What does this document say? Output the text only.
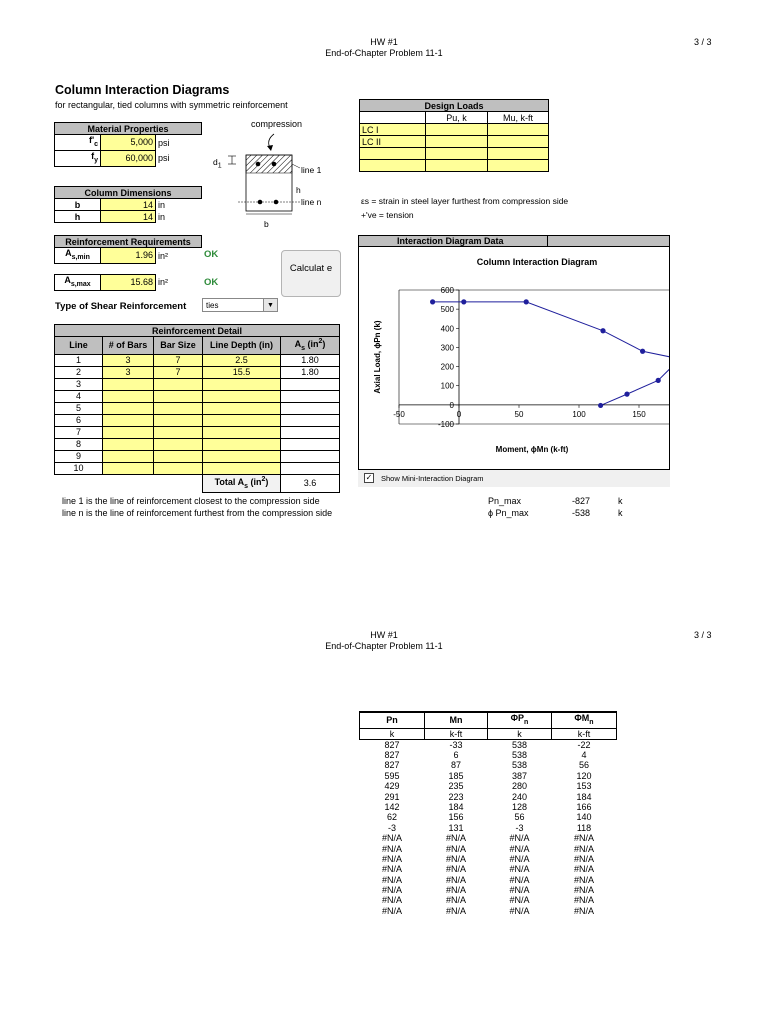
HW #1
End-of-Chapter Problem 11-1
3 / 3
Column Interaction Diagrams
for rectangular, tied columns with symmetric reinforcement
Material Properties		
$f'_c$	5,000	psi
$f_y$	60,000	psi
Column Dimensions		
b	14	in
h	14	in
Reinforcement Requirements
$A_{s,min}$	1.96	in²	OK
$A_{s,max}$	15.68	in²	OK
Calculat e
Type of Shear Reinforcement	ties	▼
compression
$d_1$	line 1
h
line n
b
Design Loads		
	Pu, k	Mu, k-ft
LC I		
LC II		

εs = strain in steel layer furthest from compression side
+'ve = tension
Reinforcement Detail				
Line	# of Bars	Bar Size	Line Depth (in)	$A_s$ $(in^2)$
1	3	7	2.5	1.80
2	3	7	15.5	1.80
3				
4				
5				
6				
7				
8				
9				
10				
			Total $A_s$ $(in^2)$	3.6
Interaction Diagram Data
Column Interaction Diagram
-100
0
100
200
300
400
500
600
-50	0	50	100	150
Moment, ϕMn (k-ft)
Axial Load, ϕPn (k)
✓ Show Mini-Interaction Diagram
line 1 is the line of reinforcement closest to the compression side
line n is the line of reinforcement furthest from the compression side
Pn_max	-827	k
ϕ Pn_max	-538	k
HW #1
End-of-Chapter Problem 11-1
3 / 3
Pn	Mn	$\Phi P_n$	$\Phi M_n$
k	k-ft	k	k-ft
827	-33	538	-22
827	6	538	4
827	87	538	56
595	185	387	120
429	235	280	153
291	223	240	184
142	184	128	166
62	156	56	140
-3	131	-3	118
#N/A	#N/A	#N/A	#N/A
#N/A	#N/A	#N/A	#N/A
#N/A	#N/A	#N/A	#N/A
#N/A	#N/A	#N/A	#N/A
#N/A	#N/A	#N/A	#N/A
#N/A	#N/A	#N/A	#N/A
#N/A	#N/A	#N/A	#N/A
#N/A	#N/A	#N/A	#N/A
